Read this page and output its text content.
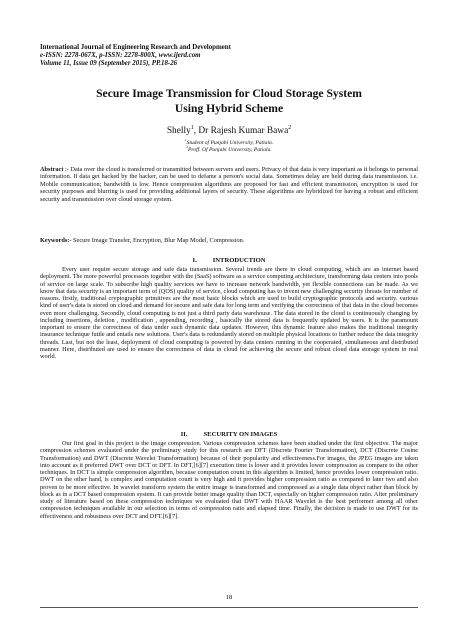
International Journal of Engineering Research and Development
e-ISSN: 2278-067X, p-ISSN: 2278-800X, www.ijerd.com
Volume 11, Issue 09 (September 2015), PP.18-26
Secure Image Transmission for Cloud Storage System
Using Hybrid Scheme
Shelly$^1$, Dr Rajesh Kumar Bawa$^2$
$^1$Student of Punjabi University, Patiala.
$^2$Proff. Of Punjabi University, Patiala.
Abstract :- Data over the cloud is transferred or transmitted between servers and users. Privacy of that data is very important as it belongs to personal information. If data get hacked by the hacker, can be used to defame a person's social data. Sometimes delay are held during data transmission. i.e. Mobile communication; bandwidth is low. Hence compression algorithms are proposed for fast and efficient transmission, encryption is used for security purposes and blurring is used for providing additional layers of security. These algorithms are hybridized for having a robust and efficient security and transmission over cloud storage system.
Keywords:- Secure Image Transfer, Encryption, Blur Map Model, Compression.
I. INTRODUCTION
Every user require secure storage and safe data transmission. Several trends are there in cloud computing, which are an internet based deployment. The more powerful processors together with the (SaaS) software as a service computing architecture, transforming data centers into pools of service on large scale. To subscribe high quality services we have to increase network bandwidth, yet flexible connections can be made. As we know that data security is an important term of (QOS) quality of service, cloud computing has to invent new challenging security threats for number of reasons. firstly, traditional cryptographic primitives are the most basic blocks which are used to build cryptographic protocols and security. various kind of user's data is stored on cloud and demand for secure and safe data for long term and verifying the correctness of that data in the cloud becomes even more challenging. Secondly, cloud computing is not just a third party data warehouse. The data stored in the cloud is continuously changing by including insertions, deletion , modification , appending, recording , basically the stored data is frequently updated by users. It is the paramount important to ensure the correctness of data under such dynamic data updates. However, this dynamic feature also makes the traditional integrity insurance technique futile and entails new solutions. User's data is redundantly stored on multiple physical locations to further reduce the data integrity threads. Last, but not the least, deployment of cloud computing is powered by data centers running in the cooperated, simultaneous and distributed manner. Here, distributed are used to ensure the correctness of data in cloud for achieving the secure and robust cloud data storage system in real world.
II. SECURITY ON IMAGES
Our first goal in this project is the image compression. Various compression schemes have been studied under the first objective. The major compression schemes evaluated under the preliminary study for this research are DFT (Discrete Fourier Transformation), DCT (Discrete Cosine Transformation) and DWT (Discrete Wavelet Transformation) because of their popularity and effectiveness.For images, the JPEG images are taken into account as it preferred DWT over DCT or DFT. In DFT,[6][7] execution time is lower and it provides lower compression as compare to the other techniques. In DCT is simple compression algorithm, because computation count in this algorithm is limited, hence provides lower compression ratio. DWT on the other hand, is complex and computation count is very high and it provides higher compression ratio as compared to later two and also proven to be more effective. In wavelet transform system the entire image is transformed and compressed as a single data object rather than block by block as in a DCT based compression system. It can provide better image quality than DCT, especially on higher compression ratio. After preliminary study of literature based on these compression techniques we evaluated that DWT with HAAR Wavelet is the best performer among all other compression techniques available in our selection in terms of compression ratio and elapsed time. Finally, the decision is made to use DWT for its effectiveness and robustness over DCT and DFT.[6][7].
18
